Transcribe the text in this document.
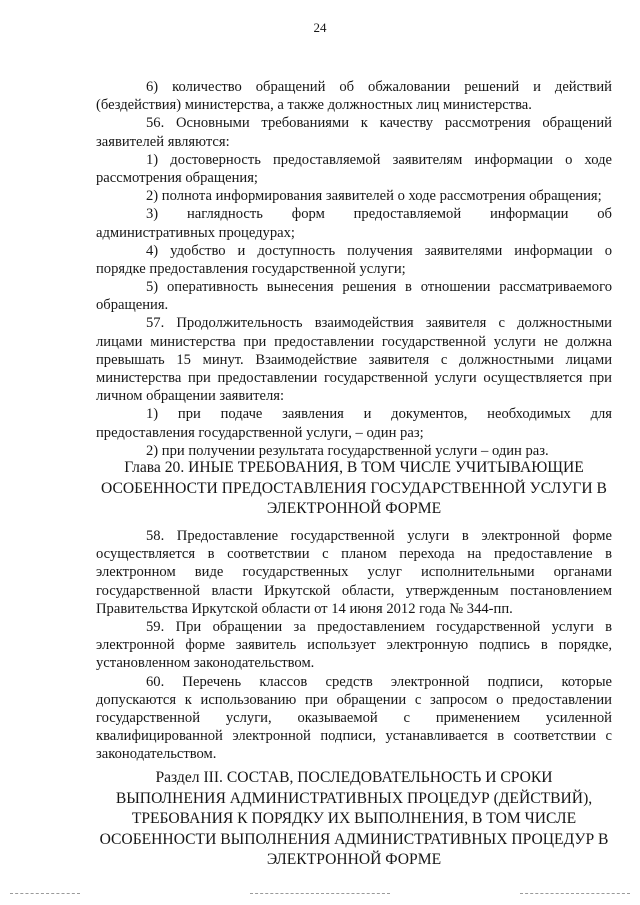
24
6) количество обращений об обжаловании решений и действий
(бездействия) министерства, а также должностных лиц министерства.
56. Основными требованиями к качеству рассмотрения обращений
заявителей являются:
1) достоверность предоставляемой заявителям информации о ходе
рассмотрения обращения;
2) полнота информирования заявителей о ходе рассмотрения обращения;
3) наглядность форм предоставляемой информации об
административных процедурах;
4) удобство и доступность получения заявителями информации о
порядке предоставления государственной услуги;
5) оперативность вынесения решения в отношении рассматриваемого
обращения.
57. Продолжительность взаимодействия заявителя с должностными
лицами министерства при предоставлении государственной услуги не должна
превышать 15 минут. Взаимодействие заявителя с должностными лицами
министерства при предоставлении государственной услуги осуществляется при
личном обращении заявителя:
1) при подаче заявления и документов, необходимых для
предоставления государственной услуги, – один раз;
2) при получении результата государственной услуги – один раз.
Глава 20. ИНЫЕ ТРЕБОВАНИЯ, В ТОМ ЧИСЛЕ УЧИТЫВАЮЩИЕ
ОСОБЕННОСТИ ПРЕДОСТАВЛЕНИЯ ГОСУДАРСТВЕННОЙ УСЛУГИ В
ЭЛЕКТРОННОЙ ФОРМЕ
58. Предоставление государственной услуги в электронной форме
осуществляется в соответствии с планом перехода на предоставление в
электронном виде государственных услуг исполнительными органами
государственной власти Иркутской области, утвержденным постановлением
Правительства Иркутской области от 14 июня 2012 года № 344-пп.
59. При обращении за предоставлением государственной услуги в
электронной форме заявитель использует электронную подпись в порядке,
установленном законодательством.
60. Перечень классов средств электронной подписи, которые
допускаются к использованию при обращении с запросом о предоставлении
государственной услуги, оказываемой с применением усиленной
квалифицированной электронной подписи, устанавливается в соответствии с
законодательством.
Раздел III. СОСТАВ, ПОСЛЕДОВАТЕЛЬНОСТЬ И СРОКИ
ВЫПОЛНЕНИЯ АДМИНИСТРАТИВНЫХ ПРОЦЕДУР (ДЕЙСТВИЙ),
ТРЕБОВАНИЯ К ПОРЯДКУ ИХ ВЫПОЛНЕНИЯ, В ТОМ ЧИСЛЕ
ОСОБЕННОСТИ ВЫПОЛНЕНИЯ АДМИНИСТРАТИВНЫХ ПРОЦЕДУР В
ЭЛЕКТРОННОЙ ФОРМЕ
